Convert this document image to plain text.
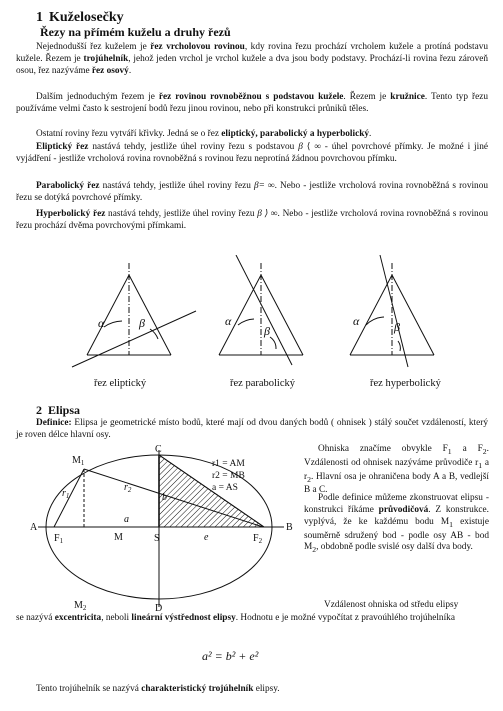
1 Kuželosečky
Řezy na přímém kuželu a druhy řezů
Nejednodušší řez kuželem je řez vrcholovou rovinou, kdy rovina řezu prochází vrcholem kužele a protíná podstavu kužele. Řezem je trojúhelník, jehož jeden vrchol je vrchol kužele a dva jsou body podstavy. Prochází-li rovina řezu zároveň osou, řez nazýváme řez osový.
Dalším jednoduchým řezem je řez rovinou rovnoběžnou s podstavou kužele. Řezem je kružnice. Tento typ řezu používáme velmi často k sestrojení bodů řezu jinou rovinou, nebo při konstrukci průniků těles.
Ostatní roviny řezu vytváří křivky. Jedná se o řez eliptický, parabolický a hyperbolický.
Eliptický řez nastává tehdy, jestliže úhel roviny řezu s podstavou β ⟨ ∞ - úhel povrchové přímky. Je možné i jiné vyjádření - jestliže vrcholová rovina rovnoběžná s rovinou řezu neprotíná žádnou povrchovou přímku.
Parabolický řez nastává tehdy, jestliže úhel roviny řezu β= ∞. Nebo - jestliže vrcholová rovina rovnoběžná s rovinou řezu se dotýká povrchové přímky.
Hyperbolický řez nastává tehdy, jestliže úhel roviny řezu β ⟩ ∞. Nebo - jestliže vrcholová rovina rovnoběžná s rovinou řezu prochází dvěma povrchovými přímkami.
α	β	α
β
α	β
řez eliptický	řez parabolický	řez hyperbolický
2 Elipsa
Definice: Elipsa je geometrické místo bodů, které mají od dvou daných bodů ( ohnisek ) stálý součet vzdáleností, který je roven délce hlavní osy.
A	B
C
D
S
$F_1$	$F_2$
$M_1$
$M_2$
M
$r_1$
$r_2$
a
b
e
r1 = AM
r2 = MB
a = AS
Ohniska značíme obvykle $F_1$ a $F_2$. Vzdálenosti od ohnisek nazýváme průvodiče $r_1$ a $r_2$. Hlavní osa je ohraničena body A a B, vedlejší B a C.
Podle definice můžeme zkonstruovat elipsu - konstrukci říkáme průvodičová. Z konstrukce. vyplývá, že ke každému bodu $M_1$ existuje souměrně sdružený bod - podle osy AB - bod $M_2$, obdobně podle svislé osy další dva body.
Vzdálenost ohniska od středu elipsy
se nazývá excentricita, neboli lineární výstřednost elipsy. Hodnotu e je možné vypočítat z pravoúhlého trojúhelníka
a² = b² + e²
Tento trojúhelník se nazývá charakteristický trojúhelník elipsy.
